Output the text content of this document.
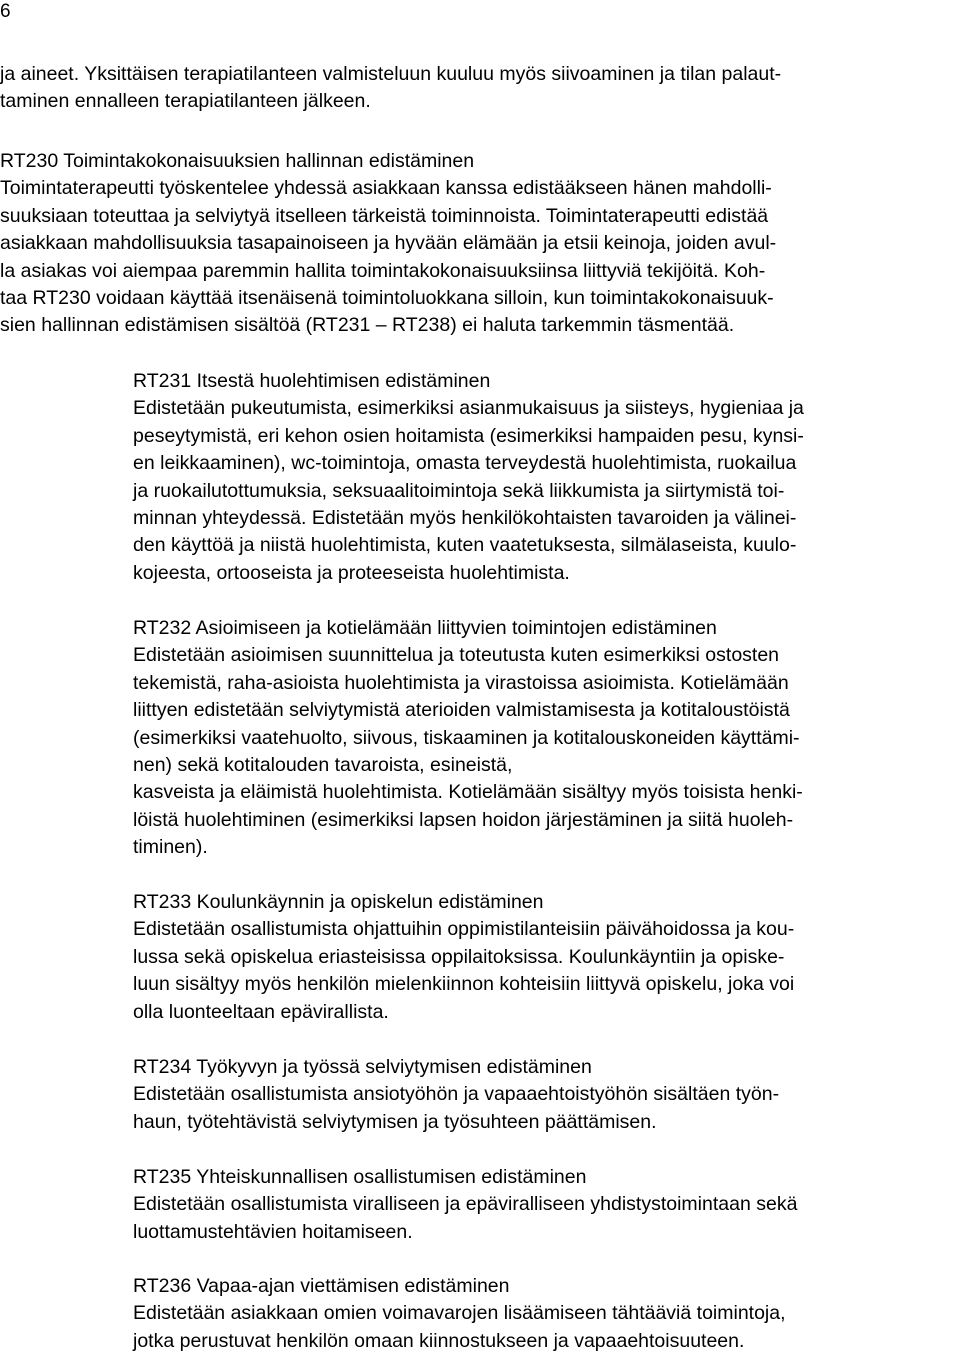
6

ja aineet. Yksittäisen terapiatilanteen valmisteluun kuuluu myös siivoaminen ja tilan palaut-
taminen ennalleen terapiatilanteen jälkeen.

RT230 Toimintakokonaisuuksien hallinnan edistäminen
Toimintaterapeutti työskentelee yhdessä asiakkaan kanssa edistääkseen hänen mahdolli-
suuksiaan toteuttaa ja selviytyä itselleen tärkeistä toiminnoista. Toimintaterapeutti edistää
asiakkaan mahdollisuuksia tasapainoiseen ja hyvään elämään ja etsii keinoja, joiden avul-
la asiakas voi aiempaa paremmin hallita toimintakokonaisuuksiinsa liittyviä tekijöitä. Koh-
taa RT230 voidaan käyttää itsenäisenä toimintoluokkana silloin, kun toimintakokonaisuuk-
sien hallinnan edistämisen sisältöä (RT231 – RT238) ei haluta tarkemmin täsmentää.

RT231 Itsestä huolehtimisen edistäminen
Edistetään pukeutumista, esimerkiksi asianmukaisuus ja siisteys, hygieniaa ja
peseytymistä, eri kehon osien hoitamista (esimerkiksi hampaiden pesu, kynsi-
en leikkaaminen), wc-toimintoja, omasta terveydestä huolehtimista, ruokailua
ja ruokailutottumuksia, seksuaalitoimintoja sekä liikkumista ja siirtymistä toi-
minnan yhteydessä. Edistetään myös henkilökohtaisten tavaroiden ja välinei-
den käyttöä ja niistä huolehtimista, kuten vaatetuksesta, silmälaseista, kuulo-
kojeesta, ortooseista ja proteeseista huolehtimista.

RT232 Asioimiseen ja kotielämään liittyvien toimintojen edistäminen
Edistetään asioimisen suunnittelua ja toteutusta kuten esimerkiksi ostosten
tekemistä, raha-asioista huolehtimista ja virastoissa asioimista. Kotielämään
liittyen edistetään selviytymistä aterioiden valmistamisesta ja kotitaloustöistä
(esimerkiksi vaatehuolto, siivous, tiskaaminen ja kotitalouskoneiden käyttämi-
nen) sekä kotitalouden tavaroista, esineistä,
kasveista ja eläimistä huolehtimista. Kotielämään sisältyy myös toisista henki-
löistä huolehtiminen (esimerkiksi lapsen hoidon järjestäminen ja siitä huoleh-
timinen).

RT233 Koulunkäynnin ja opiskelun edistäminen
Edistetään osallistumista ohjattuihin oppimistilanteisiin päivähoidossa ja kou-
lussa sekä opiskelua eriasteisissa oppilaitoksissa. Koulunkäyntiin ja opiske-
luun sisältyy myös henkilön mielenkiinnon kohteisiin liittyvä opiskelu, joka voi
olla luonteeltaan epävirallista.

RT234 Työkyvyn ja työssä selviytymisen edistäminen
Edistetään osallistumista ansiotyöhön ja vapaaehtoistyöhön sisältäen työn-
haun, työtehtävistä selviytymisen ja työsuhteen päättämisen.

RT235 Yhteiskunnallisen osallistumisen edistäminen
Edistetään osallistumista viralliseen ja epäviralliseen yhdistystoimintaan sekä
luottamustehtävien hoitamiseen.

RT236 Vapaa-ajan viettämisen edistäminen
Edistetään asiakkaan omien voimavarojen lisäämiseen tähtääviä toimintoja,
jotka perustuvat henkilön omaan kiinnostukseen ja vapaaehtoisuuteen.
